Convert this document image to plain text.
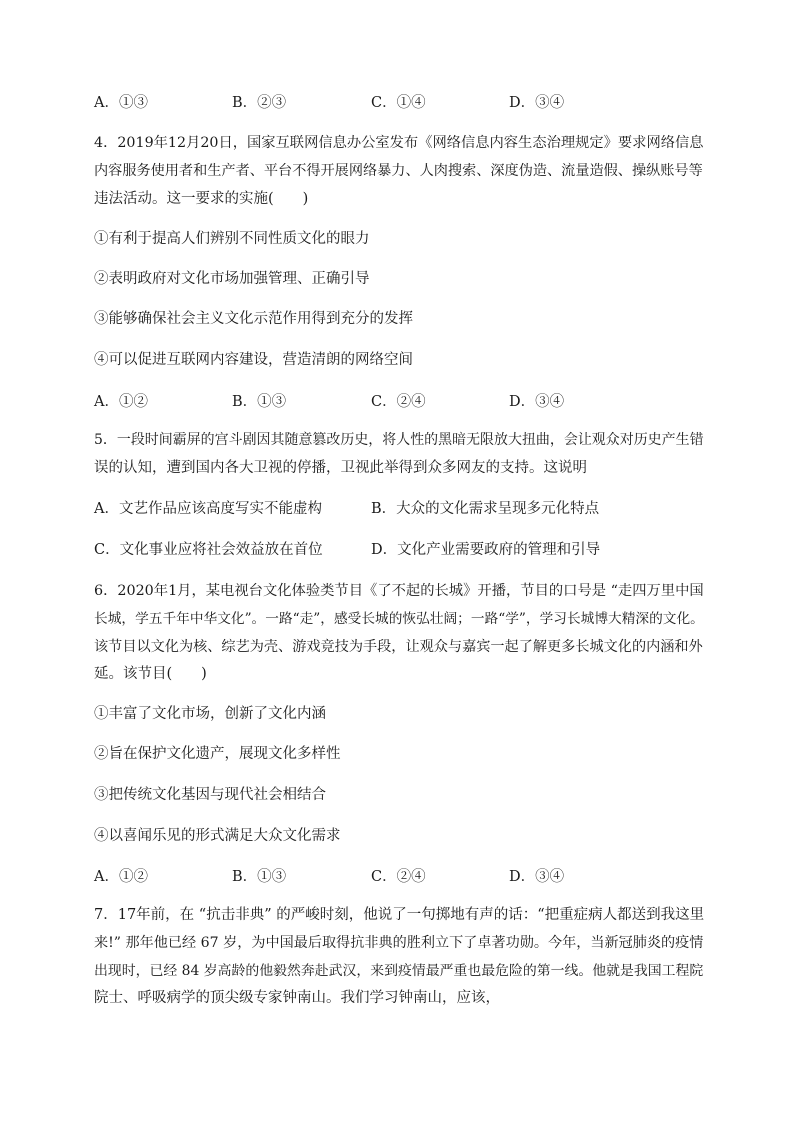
A．①③	B．②③	C．①④	D．③④
4．2019年12月20日，国家互联网信息办公室发布《网络信息内容生态治理规定》要求网络信息
内容服务使用者和生产者、平台不得开展网络暴力、人肉搜索、深度伪造、流量造假、操纵账号等
违法活动。这一要求的实施(　　)
①有利于提高人们辨别不同性质文化的眼力
②表明政府对文化市场加强管理、正确引导
③能够确保社会主义文化示范作用得到充分的发挥
④可以促进互联网内容建设，营造清朗的网络空间
A．①②	B．①③	C．②④	D．③④
5．一段时间霸屏的宫斗剧因其随意篡改历史，将人性的黑暗无限放大扭曲，会让观众对历史产生错
误的认知，遭到国内各大卫视的停播，卫视此举得到众多网友的支持。这说明
A．文艺作品应该高度写实不能虚构	B．大众的文化需求呈现多元化特点
C．文化事业应将社会效益放在首位	D．文化产业需要政府的管理和引导
6．2020年1月，某电视台文化体验类节目《了不起的长城》开播，节目的口号是 “走四万里中国
长城，学五千年中华文化”。一路“走”，感受长城的恢弘壮阔；一路“学”，学习长城博大精深的文化。
该节目以文化为核、综艺为壳、游戏竞技为手段，让观众与嘉宾一起了解更多长城文化的内涵和外
延。该节目(　　)
①丰富了文化市场，创新了文化内涵
②旨在保护文化遗产，展现文化多样性
③把传统文化基因与现代社会相结合
④以喜闻乐见的形式满足大众文化需求
A．①②	B．①③	C．②④	D．③④
7．17年前，在 “抗击非典” 的严峻时刻，他说了一句掷地有声的话：“把重症病人都送到我这里
来!” 那年他已经 67 岁，为中国最后取得抗非典的胜利立下了卓著功勋。今年，当新冠肺炎的疫情
出现时，已经 84 岁高龄的他毅然奔赴武汉，来到疫情最严重也最危险的第一线。他就是我国工程院
院士、呼吸病学的顶尖级专家钟南山。我们学习钟南山，应该，
